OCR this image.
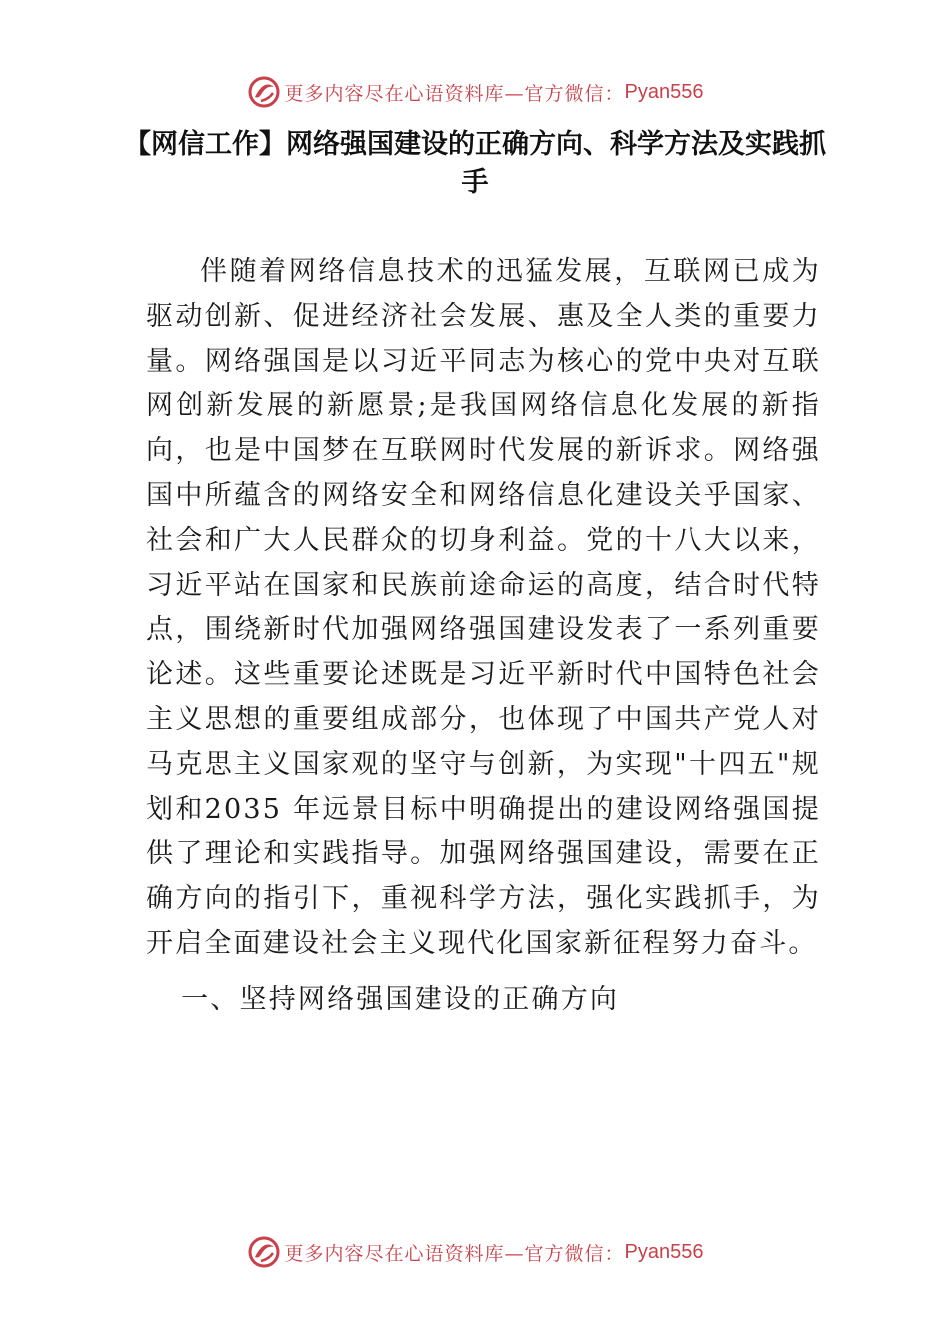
更多内容尽在心语资料库—官方微信： Pyan556
【网信工作】网络强国建设的正确方向、科学方法及实践抓手

伴随着网络信息技术的迅猛发展，互联网已成为驱动创新、促进经济社会发展、惠及全人类的重要力量。网络强国是以习近平同志为核心的党中央对互联网创新发展的新愿景;是我国网络信息化发展的新指向，也是中国梦在互联网时代发展的新诉求。网络强国中所蕴含的网络安全和网络信息化建设关乎国家、社会和广大人民群众的切身利益。党的十八大以来，习近平站在国家和民族前途命运的高度，结合时代特点，围绕新时代加强网络强国建设发表了一系列重要论述。这些重要论述既是习近平新时代中国特色社会主义思想的重要组成部分，也体现了中国共产党人对马克思主义国家观的坚守与创新，为实现"十四五"规划和2035 年远景目标中明确提出的建设网络强国提供了理论和实践指导。加强网络强国建设，需要在正确方向的指引下，重视科学方法，强化实践抓手，为开启全面建设社会主义现代化国家新征程努力奋斗。

一、坚持网络强国建设的正确方向

更多内容尽在心语资料库—官方微信： Pyan556
